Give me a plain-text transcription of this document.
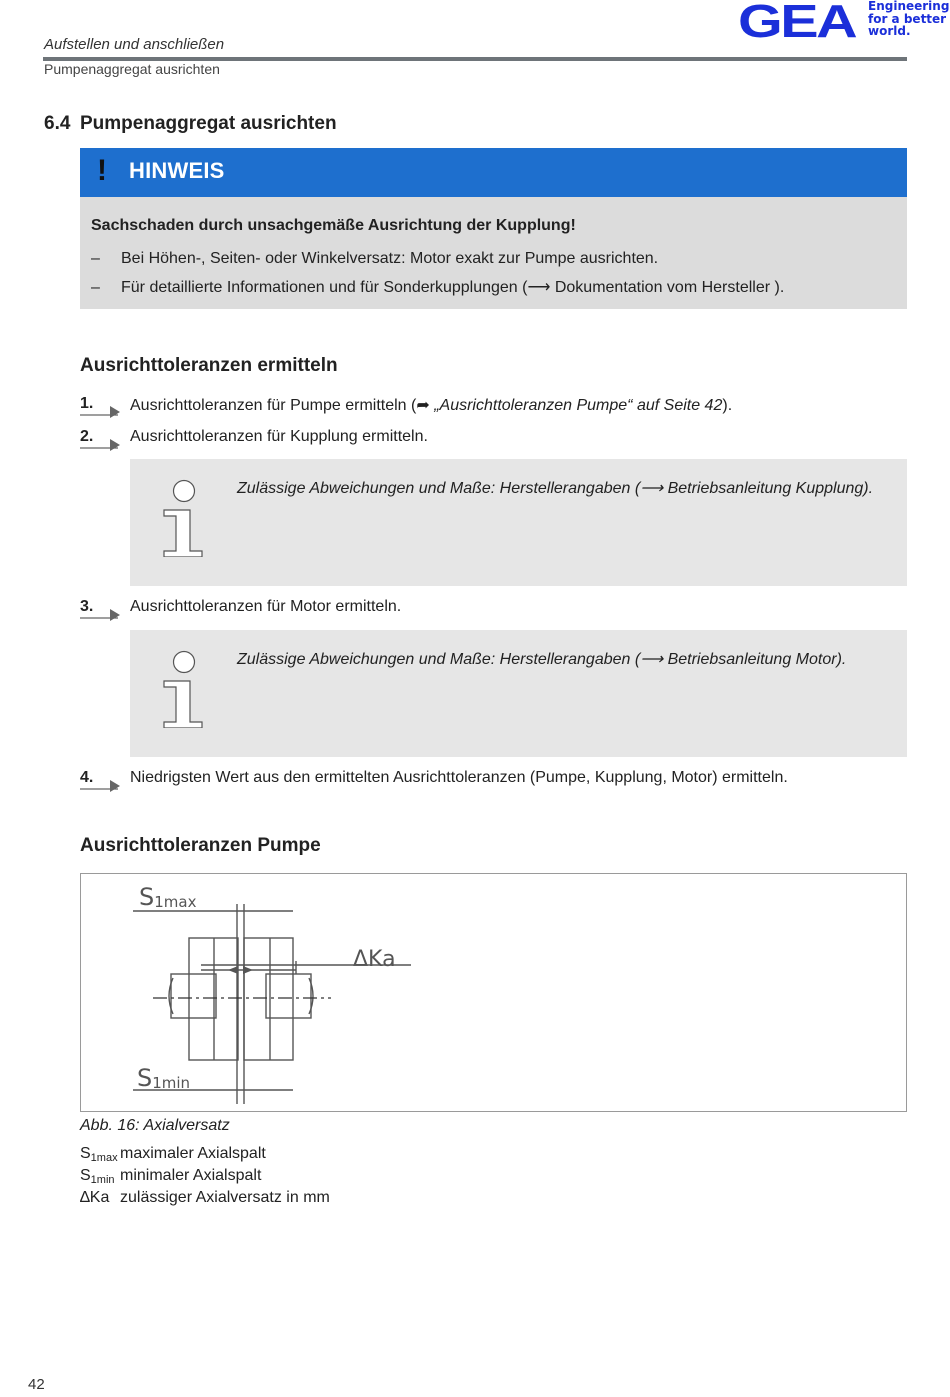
Aufstellen und anschließen
Pumpenaggregat ausrichten
GEA Engineering
for a better
world.
6.4 Pumpenaggregat ausrichten
! HINWEIS
Sachschaden durch unsachgemäße Ausrichtung der Kupplung!
– Bei Höhen-, Seiten- oder Winkelversatz: Motor exakt zur Pumpe ausrichten.
– Für detaillierte Informationen und für Sonderkupplungen (⟶ Dokumentation vom Hersteller ).
Ausrichttoleranzen ermitteln
1. Ausrichttoleranzen für Pumpe ermitteln (➦ „Ausrichttoleranzen Pumpe“ auf Seite 42).
2. Ausrichttoleranzen für Kupplung ermitteln.
Zulässige Abweichungen und Maße: Herstellerangaben (⟶ Betriebsanleitung Kupplung).
3. Ausrichttoleranzen für Motor ermitteln.
Zulässige Abweichungen und Maße: Herstellerangaben (⟶ Betriebsanleitung Motor).
4. Niedrigsten Wert aus den ermittelten Ausrichttoleranzen (Pumpe, Kupplung, Motor) ermitteln.
Ausrichttoleranzen Pumpe
S1max
S1min
ΔKa
Abb. 16: Axialversatz
$S_{1max}$ maximaler Axialspalt
$S_{1min}$ minimaler Axialspalt
∆Ka zulässiger Axialversatz in mm
42
